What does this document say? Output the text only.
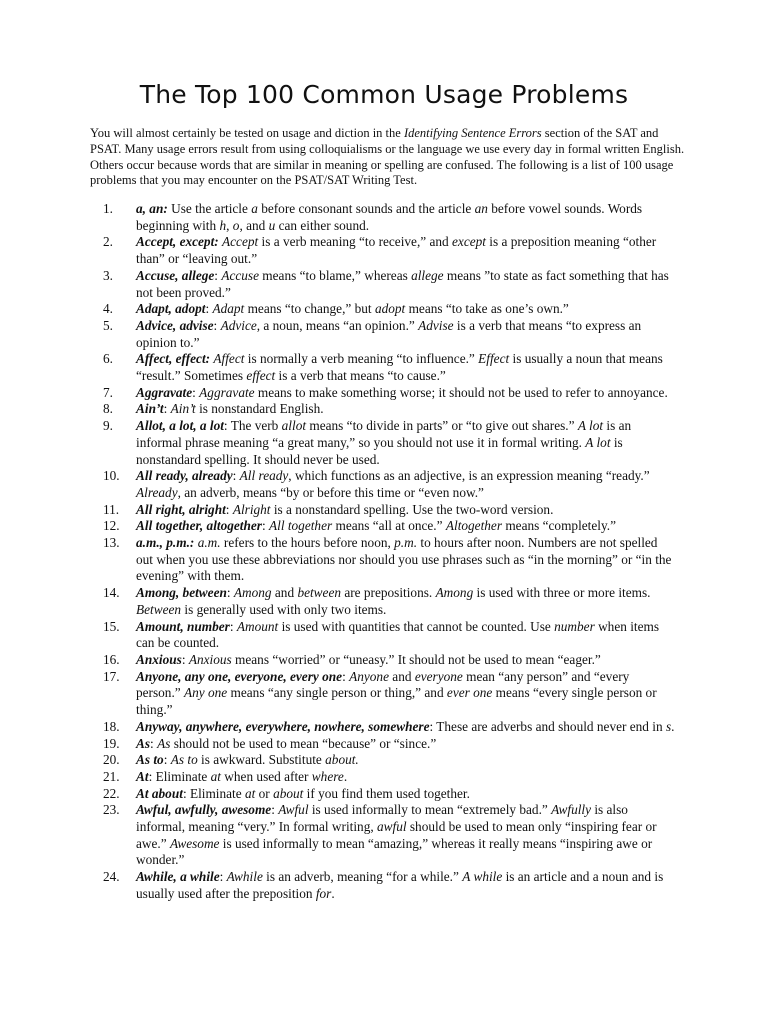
The Top 100 Common Usage Problems

You will almost certainly be tested on usage and diction in the Identifying Sentence Errors section of the SAT and PSAT. Many usage errors result from using colloquialisms or the language we use every day in formal written English. Others occur because words that are similar in meaning or spelling are confused. The following is a list of 100 usage problems that you may encounter on the PSAT/SAT Writing Test.

1.	a, an: Use the article a before consonant sounds and the article an before vowel sounds. Words beginning with h, o, and u can either sound.
2.	Accept, except: Accept is a verb meaning “to receive,” and except is a preposition meaning “other than” or “leaving out.”
3.	Accuse, allege: Accuse means “to blame,” whereas allege means ”to state as fact something that has not been proved.”
4.	Adapt, adopt: Adapt means “to change,” but adopt means “to take as one’s own.”
5.	Advice, advise: Advice, a noun, means “an opinion.” Advise is a verb that means “to express an opinion to.”
6.	Affect, effect: Affect is normally a verb meaning “to influence.” Effect is usually a noun that means “result.” Sometimes effect is a verb that means “to cause.”
7.	Aggravate: Aggravate means to make something worse; it should not be used to refer to annoyance.
8.	Ain’t: Ain’t is nonstandard English.
9.	Allot, a lot, a lot: The verb allot means “to divide in parts” or “to give out shares.” A lot is an informal phrase meaning “a great many,” so you should not use it in formal writing. A lot is nonstandard spelling. It should never be used.
10.	All ready, already: All ready, which functions as an adjective, is an expression meaning “ready.” Already, an adverb, means “by or before this time or “even now.”
11.	All right, alright: Alright is a nonstandard spelling. Use the two-word version.
12.	All together, altogether: All together means “all at once.” Altogether means “completely.”
13.	a.m., p.m.: a.m. refers to the hours before noon, p.m. to hours after noon. Numbers are not spelled out when you use these abbreviations nor should you use phrases such as “in the morning” or “in the evening” with them.
14.	Among, between: Among and between are prepositions. Among is used with three or more items. Between is generally used with only two items.
15.	Amount, number: Amount is used with quantities that cannot be counted. Use number when items can be counted.
16.	Anxious: Anxious means “worried” or “uneasy.” It should not be used to mean “eager.”
17.	Anyone, any one, everyone, every one: Anyone and everyone mean “any person” and “every person.” Any one means “any single person or thing,” and ever one means “every single person or thing.”
18.	Anyway, anywhere, everywhere, nowhere, somewhere: These are adverbs and should never end in s.
19.	As: As should not be used to mean “because” or “since.”
20.	As to: As to is awkward. Substitute about.
21.	At: Eliminate at when used after where.
22.	At about: Eliminate at or about if you find them used together.
23.	Awful, awfully, awesome: Awful is used informally to mean “extremely bad.” Awfully is also informal, meaning “very.” In formal writing, awful should be used to mean only “inspiring fear or awe.” Awesome is used informally to mean “amazing,” whereas it really means “inspiring awe or wonder.”
24.	Awhile, a while: Awhile is an adverb, meaning “for a while.” A while is an article and a noun and is usually used after the preposition for.
